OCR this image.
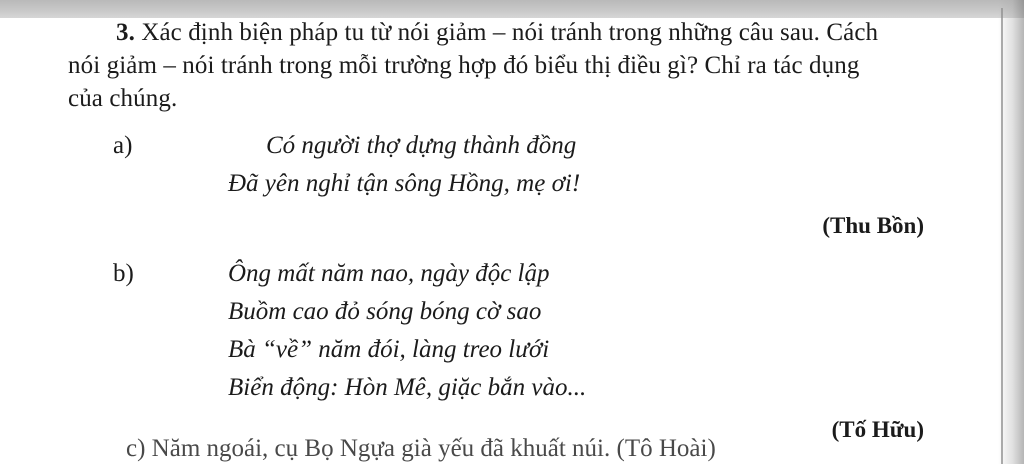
3. Xác định biện pháp tu từ nói giảm – nói tránh trong những câu sau. Cách
nói giảm – nói tránh trong mỗi trường hợp đó biểu thị điều gì? Chỉ ra tác dụng
của chúng.
a)	Có người thợ dựng thành đồng
Đã yên nghỉ tận sông Hồng, mẹ ơi!
(Thu Bồn)
b)	Ông mất năm nao, ngày độc lập
Buồm cao đỏ sóng bóng cờ sao
Bà “về” năm đói, làng treo lưới
Biển động: Hòn Mê, giặc bắn vào...
(Tố Hữu)
c) Năm ngoái, cụ Bọ Ngựa già yếu đã khuất núi. (Tô Hoài)
